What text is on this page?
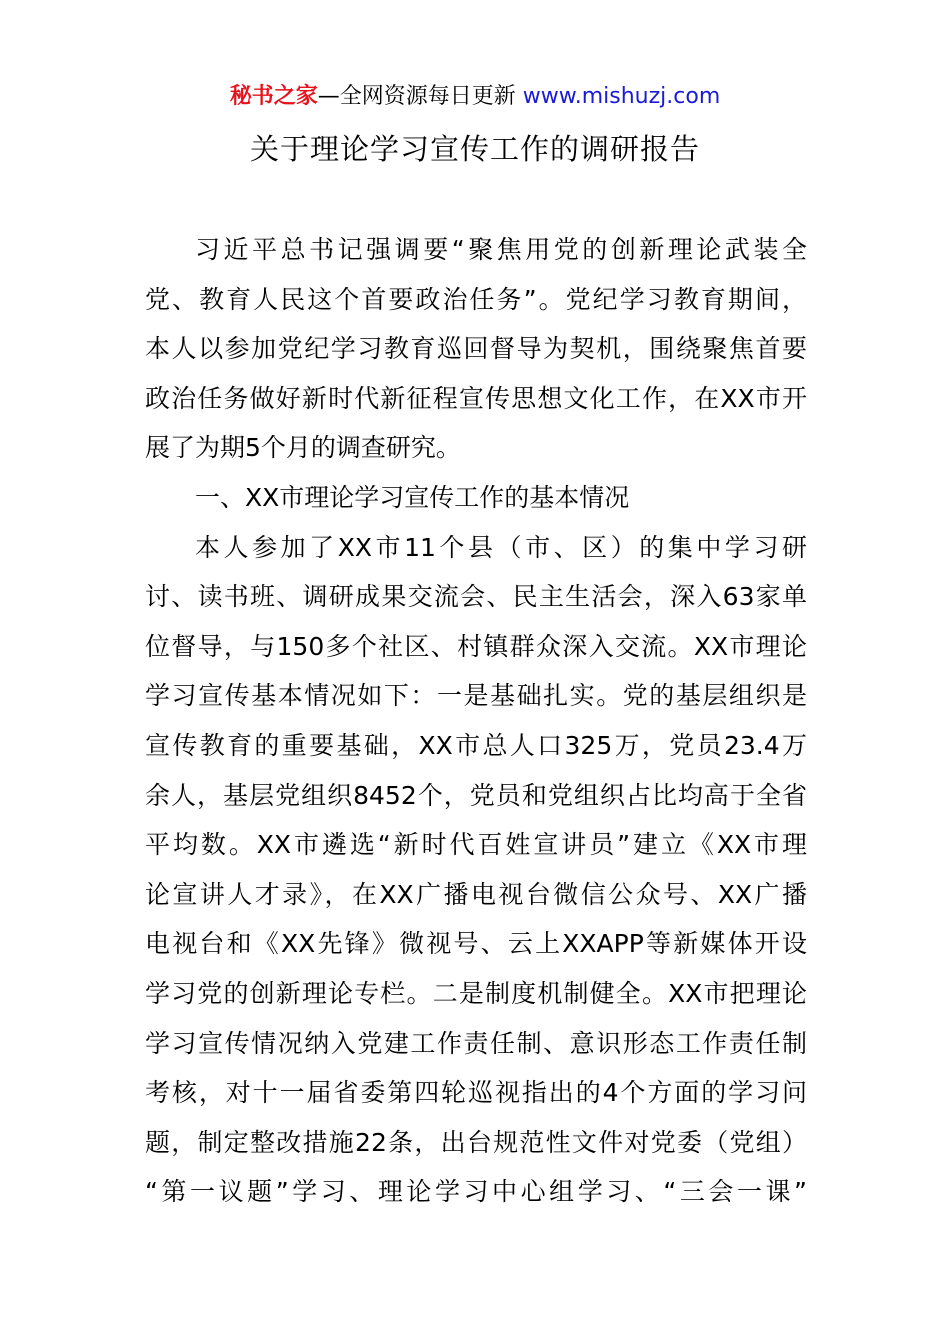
秘书之家—全网资源每日更新 www.mishuzj.com
关于理论学习宣传工作的调研报告
习近平总书记强调要“聚焦用党的创新理论武装全
党、教育人民这个首要政治任务”。党纪学习教育期间，
本人以参加党纪学习教育巡回督导为契机，围绕聚焦首要
政治任务做好新时代新征程宣传思想文化工作，在XX市开
展了为期5个月的调查研究。
一、XX市理论学习宣传工作的基本情况
本人参加了XX市11个县（市、区）的集中学习研
讨、读书班、调研成果交流会、民主生活会，深入63家单
位督导，与150多个社区、村镇群众深入交流。XX市理论
学习宣传基本情况如下：一是基础扎实。党的基层组织是
宣传教育的重要基础，XX市总人口325万，党员23.4万
余人，基层党组织8452个，党员和党组织占比均高于全省
平均数。XX市遴选“新时代百姓宣讲员”建立《XX市理
论宣讲人才录》，在XX广播电视台微信公众号、XX广播
电视台和《XX先锋》微视号、云上XXAPP等新媒体开设
学习党的创新理论专栏。二是制度机制健全。XX市把理论
学习宣传情况纳入党建工作责任制、意识形态工作责任制
考核，对十一届省委第四轮巡视指出的4个方面的学习问
题，制定整改措施22条，出台规范性文件对党委（党组）
“第一议题”学习、理论学习中心组学习、“三会一课”
